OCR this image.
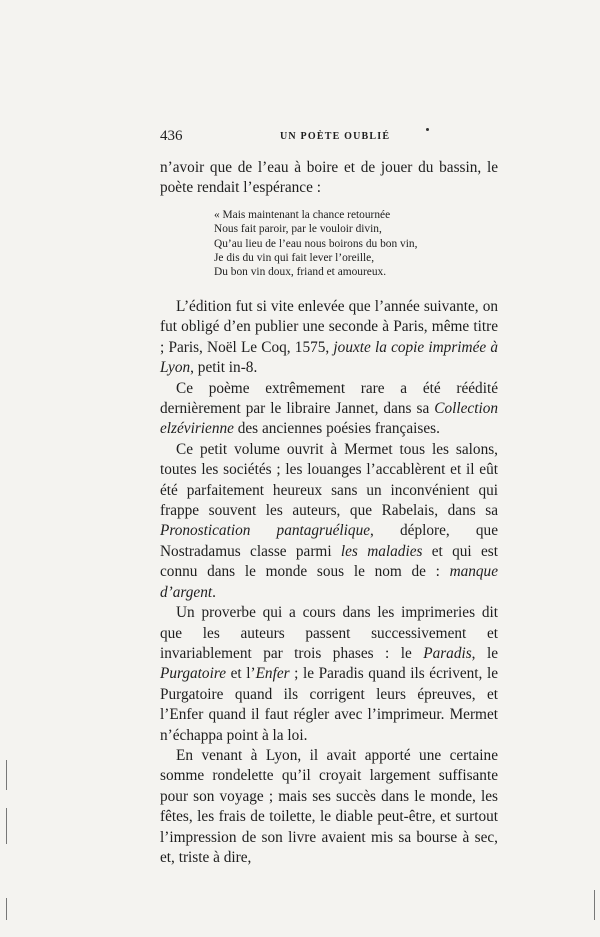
436	UN POÈTE OUBLIÉ

n’avoir que de l’eau à boire et de jouer du bassin, le

poète rendait l’espérance :

« Mais maintenant la chance retournée
Nous fait paroir, par le vouloir divin,
Qu’au lieu de l’eau nous boirons du bon vin,
Je dis du vin qui fait lever l’oreille,
Du bon vin doux, friand et amoureux.

L’édition fut si vite enlevée que l’année suivante, on fut obligé d’en publier une seconde à Paris, même titre ; Paris, Noël Le Coq, 1575, jouxte la copie imprimée à Lyon, petit in-8.

Ce poème extrêmement rare a été réédité dernièrement par le libraire Jannet, dans sa Collection elzévirienne des anciennes poésies françaises.

Ce petit volume ouvrit à Mermet tous les salons, toutes les sociétés ; les louanges l’accablèrent et il eût été parfaitement heureux sans un inconvénient qui frappe souvent les auteurs, que Rabelais, dans sa Pronostication pantagruélique, déplore, que Nostradamus classe parmi les maladies et qui est connu dans le monde sous le nom de : manque d’argent.

Un proverbe qui a cours dans les imprimeries dit que les auteurs passent successivement et invariablement par trois phases : le Paradis, le Purgatoire et l’Enfer ; le Paradis quand ils écrivent, le Purgatoire quand ils corrigent leurs épreuves, et l’Enfer quand il faut régler avec l’imprimeur. Mermet n’échappa point à la loi.

En venant à Lyon, il avait apporté une certaine somme rondelette qu’il croyait largement suffisante pour son voyage ; mais ses succès dans le monde, les fêtes, les frais de toilette, le diable peut-être, et surtout l’impression de son livre avaient mis sa bourse à sec, et, triste à dire,
